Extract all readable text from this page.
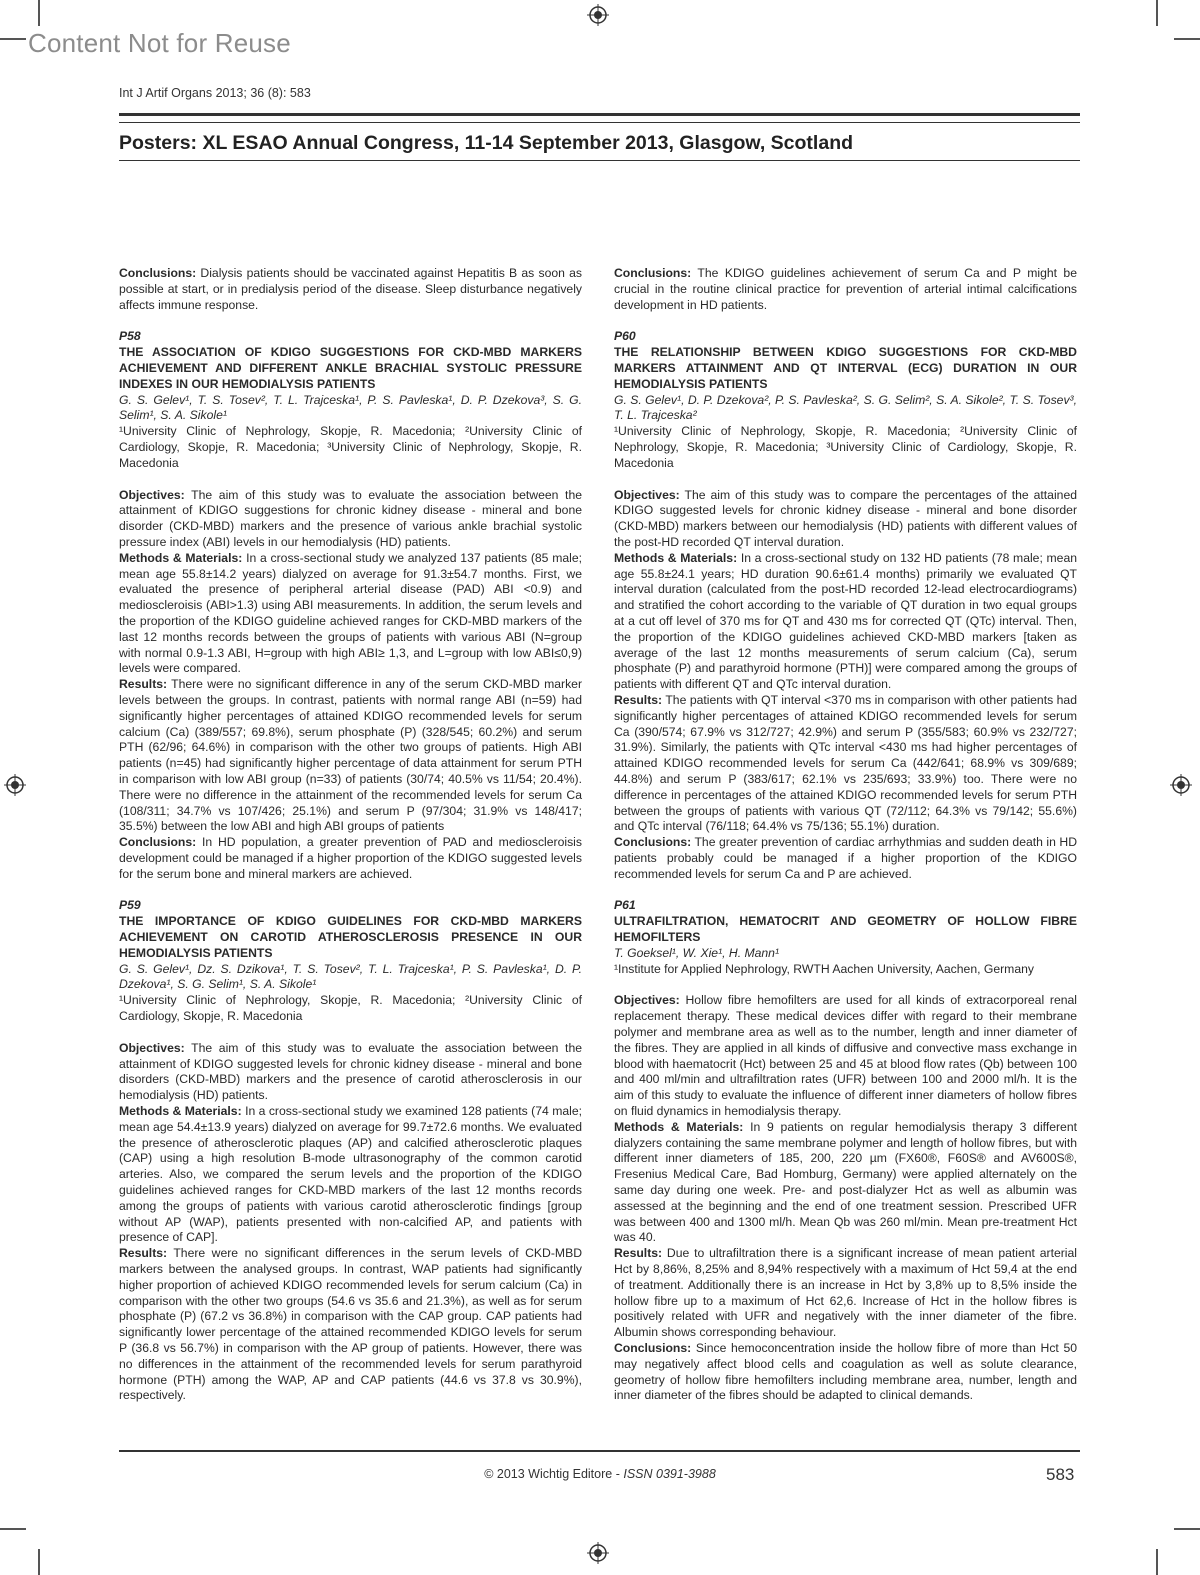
Content Not for Reuse
Int J Artif Organs 2013; 36 (8): 583
Posters: XL ESAO Annual Congress, 11-14 September 2013, Glasgow, Scotland

Conclusions: Dialysis patients should be vaccinated against Hepatitis B as soon as possible at start, or in predialysis period of the disease. Sleep disturbance negatively affects immune response.

P58

THE ASSOCIATION OF KDIGO SUGGESTIONS FOR CKD-MBD MARKERS ACHIEVEMENT AND DIFFERENT ANKLE BRACHIAL SYSTOLIC PRESSURE INDEXES IN OUR HEMODIALYSIS PATIENTS

G. S. Gelev¹, T. S. Tosev², T. L. Trajceska¹, P. S. Pavleska¹, D. P. Dzekova³, S. G. Selim¹, S. A. Sikole¹

¹University Clinic of Nephrology, Skopje, R. Macedonia; ²University Clinic of Cardiology, Skopje, R. Macedonia; ³University Clinic of Nephrology, Skopje, R. Macedonia

Objectives: The aim of this study was to evaluate the association between the attainment of KDIGO suggestions for chronic kidney disease - mineral and bone disorder (CKD-MBD) markers and the presence of various ankle brachial systolic pressure index (ABI) levels in our hemodialysis (HD) patients.

Methods & Materials: In a cross-sectional study we analyzed 137 patients (85 male; mean age 55.8±14.2 years) dialyzed on average for 91.3±54.7 months. First, we evaluated the presence of peripheral arterial disease (PAD) ABI <0.9) and medioscleroisis (ABI>1.3) using ABI measurements. In addition, the serum levels and the proportion of the KDIGO guideline achieved ranges for CKD-MBD markers of the last 12 months records between the groups of patients with various ABI (N=group with normal 0.9-1.3 ABI, H=group with high ABI≥ 1,3, and L=group with low ABI≤0,9) levels were compared.

Results: There were no significant difference in any of the serum CKD-MBD marker levels between the groups. In contrast, patients with normal range ABI (n=59) had significantly higher percentages of attained KDIGO recommended levels for serum calcium (Ca) (389/557; 69.8%), serum phosphate (P) (328/545; 60.2%) and serum PTH (62/96; 64.6%) in comparison with the other two groups of patients. High ABI patients (n=45) had significantly higher percentage of data attainment for serum PTH in comparison with low ABI group (n=33) of patients (30/74; 40.5% vs 11/54; 20.4%). There were no difference in the attainment of the recommended levels for serum Ca (108/311; 34.7% vs 107/426; 25.1%) and serum P (97/304; 31.9% vs 148/417; 35.5%) between the low ABI and high ABI groups of patients

Conclusions: In HD population, a greater prevention of PAD and medioscleroisis development could be managed if a higher proportion of the KDIGO suggested levels for the serum bone and mineral markers are achieved.

P59

THE IMPORTANCE OF KDIGO GUIDELINES FOR CKD-MBD MARKERS ACHIEVEMENT ON CAROTID ATHEROSCLEROSIS PRESENCE IN OUR HEMODIALYSIS PATIENTS

G. S. Gelev¹, Dz. S. Dzikova¹, T. S. Tosev², T. L. Trajceska¹, P. S. Pavleska¹, D. P. Dzekova¹, S. G. Selim¹, S. A. Sikole¹

¹University Clinic of Nephrology, Skopje, R. Macedonia; ²University Clinic of Cardiology, Skopje, R. Macedonia

Objectives: The aim of this study was to evaluate the association between the attainment of KDIGO suggested levels for chronic kidney disease - mineral and bone disorders (CKD-MBD) markers and the presence of carotid atherosclerosis in our hemodialysis (HD) patients.

Methods & Materials: In a cross-sectional study we examined 128 patients (74 male; mean age 54.4±13.9 years) dialyzed on average for 99.7±72.6 months. We evaluated the presence of atherosclerotic plaques (AP) and calcified atherosclerotic plaques (CAP) using a high resolution B-mode ultrasonography of the common carotid arteries. Also, we compared the serum levels and the proportion of the KDIGO guidelines achieved ranges for CKD-MBD markers of the last 12 months records among the groups of patients with various carotid atherosclerotic findings [group without AP (WAP), patients presented with non-calcified AP, and patients with presence of CAP].

Results: There were no significant differences in the serum levels of CKD-MBD markers between the analysed groups. In contrast, WAP patients had significantly higher proportion of achieved KDIGO recommended levels for serum calcium (Ca) in comparison with the other two groups (54.6 vs 35.6 and 21.3%), as well as for serum phosphate (P) (67.2 vs 36.8%) in comparison with the CAP group. CAP patients had significantly lower percentage of the attained recommended KDIGO levels for serum P (36.8 vs 56.7%) in comparison with the AP group of patients. However, there was no differences in the attainment of the recommended levels for serum parathyroid hormone (PTH) among the WAP, AP and CAP patients (44.6 vs 37.8 vs 30.9%), respectively.

Conclusions: The KDIGO guidelines achievement of serum Ca and P might be crucial in the routine clinical practice for prevention of arterial intimal calcifications development in HD patients.

P60

THE RELATIONSHIP BETWEEN KDIGO SUGGESTIONS FOR CKD-MBD MARKERS ATTAINMENT AND QT INTERVAL (ECG) DURATION IN OUR HEMODIALYSIS PATIENTS

G. S. Gelev¹, D. P. Dzekova², P. S. Pavleska², S. G. Selim², S. A. Sikole², T. S. Tosev³, T. L. Trajceska²

¹University Clinic of Nephrology, Skopje, R. Macedonia; ²University Clinic of Nephrology, Skopje, R. Macedonia; ³University Clinic of Cardiology, Skopje, R. Macedonia

Objectives: The aim of this study was to compare the percentages of the attained KDIGO suggested levels for chronic kidney disease - mineral and bone disorder (CKD-MBD) markers between our hemodialysis (HD) patients with different values of the post-HD recorded QT interval duration.

Methods & Materials: In a cross-sectional study on 132 HD patients (78 male; mean age 55.8±24.1 years; HD duration 90.6±61.4 months) primarily we evaluated QT interval duration (calculated from the post-HD recorded 12-lead electrocardiograms) and stratified the cohort according to the variable of QT duration in two equal groups at a cut off level of 370 ms for QT and 430 ms for corrected QT (QTc) interval. Then, the proportion of the KDIGO guidelines achieved CKD-MBD markers [taken as average of the last 12 months measurements of serum calcium (Ca), serum phosphate (P) and parathyroid hormone (PTH)] were compared among the groups of patients with different QT and QTc interval duration.

Results: The patients with QT interval <370 ms in comparison with other patients had significantly higher percentages of attained KDIGO recommended levels for serum Ca (390/574; 67.9% vs 312/727; 42.9%) and serum P (355/583; 60.9% vs 232/727; 31.9%). Similarly, the patients with QTc interval <430 ms had higher percentages of attained KDIGO recommended levels for serum Ca (442/641; 68.9% vs 309/689; 44.8%) and serum P (383/617; 62.1% vs 235/693; 33.9%) too. There were no difference in percentages of the attained KDIGO recommended levels for serum PTH between the groups of patients with various QT (72/112; 64.3% vs 79/142; 55.6%) and QTc interval (76/118; 64.4% vs 75/136; 55.1%) duration.

Conclusions: The greater prevention of cardiac arrhythmias and sudden death in HD patients probably could be managed if a higher proportion of the KDIGO recommended levels for serum Ca and P are achieved.

P61

ULTRAFILTRATION, HEMATOCRIT AND GEOMETRY OF HOLLOW FIBRE HEMOFILTERS

T. Goeksel¹, W. Xie¹, H. Mann¹

¹Institute for Applied Nephrology, RWTH Aachen University, Aachen, Germany

Objectives: Hollow fibre hemofilters are used for all kinds of extracorporeal renal replacement therapy. These medical devices differ with regard to their membrane polymer and membrane area as well as to the number, length and inner diameter of the fibres. They are applied in all kinds of diffusive and convective mass exchange in blood with haematocrit (Hct) between 25 and 45 at blood flow rates (Qb) between 100 and 400 ml/min and ultrafiltration rates (UFR) between 100 and 2000 ml/h. It is the aim of this study to evaluate the influence of different inner diameters of hollow fibres on fluid dynamics in hemodialysis therapy.

Methods & Materials: In 9 patients on regular hemodialysis therapy 3 different dialyzers containing the same membrane polymer and length of hollow fibres, but with different inner diameters of 185, 200, 220 µm (FX60®, F60S® and AV600S®, Fresenius Medical Care, Bad Homburg, Germany) were applied alternately on the same day during one week. Pre- and post-dialyzer Hct as well as albumin was assessed at the beginning and the end of one treatment session. Prescribed UFR was between 400 and 1300 ml/h. Mean Qb was 260 ml/min. Mean pre-treatment Hct was 40.

Results: Due to ultrafiltration there is a significant increase of mean patient arterial Hct by 8,86%, 8,25% and 8,94% respectively with a maximum of Hct 59,4 at the end of treatment. Additionally there is an increase in Hct by 3,8% up to 8,5% inside the hollow fibre up to a maximum of Hct 62,6. Increase of Hct in the hollow fibres is positively related with UFR and negatively with the inner diameter of the fibre. Albumin shows corresponding behaviour.

Conclusions: Since hemoconcentration inside the hollow fibre of more than Hct 50 may negatively affect blood cells and coagulation as well as solute clearance, geometry of hollow fibre hemofilters including membrane area, number, length and inner diameter of the fibres should be adapted to clinical demands.

© 2013 Wichtig Editore - ISSN 0391-3988	583
